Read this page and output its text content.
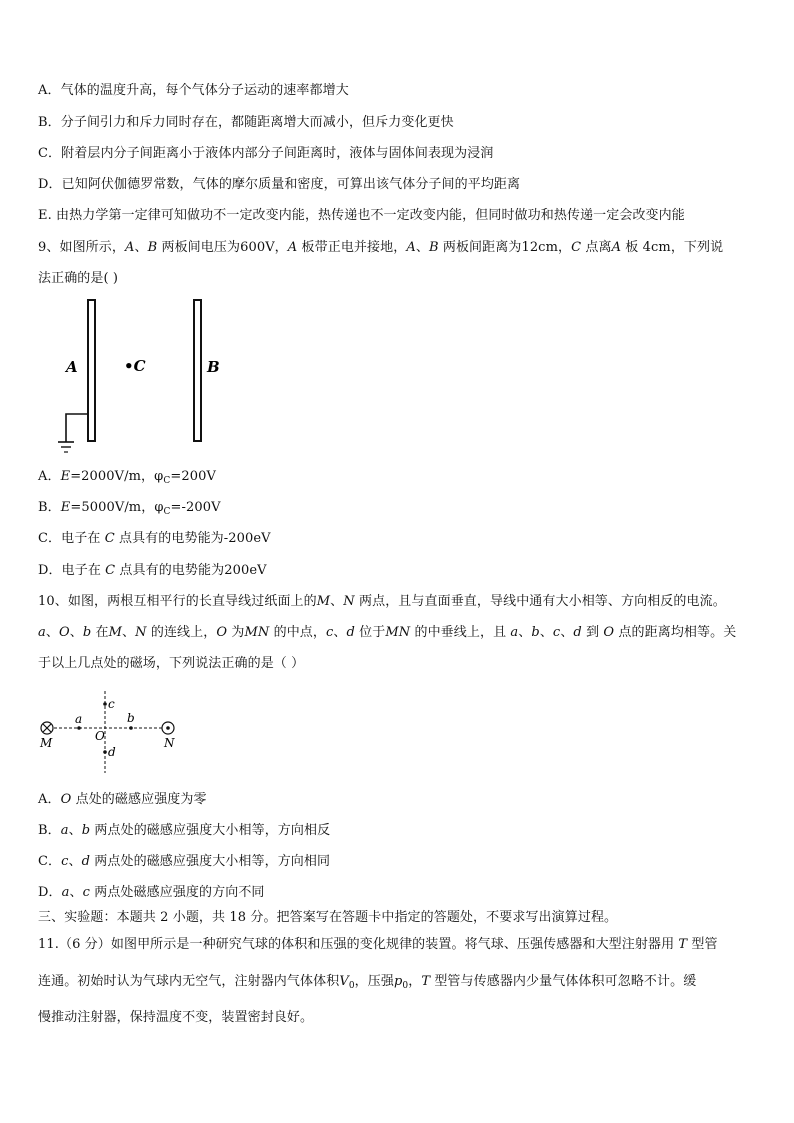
A．气体的温度升高，每个气体分子运动的速率都增大
B．分子间引力和斥力同时存在，都随距离增大而减小，但斥力变化更快
C．附着层内分子间距离小于液体内部分子间距离时，液体与固体间表现为浸润
D．已知阿伏伽德罗常数，气体的摩尔质量和密度，可算出该气体分子间的平均距离
E. 由热力学第一定律可知做功不一定改变内能，热传递也不一定改变内能，但同时做功和热传递一定会改变内能
9、如图所示，A、B 两板间电压为600V，A 板带正电并接地，A、B 两板间距离为12cm，C 点离A 板 4cm，下列说
法正确的是( )
A	•C	B
A．E=2000V/m，$\varphi_C=200V$
B．E=5000V/m，$\varphi_C=-200V$
C．电子在 C 点具有的电势能为-200eV
D．电子在 C 点具有的电势能为200eV
10、如图，两根互相平行的长直导线过纸面上的M、N 两点，且与直面垂直，导线中通有大小相等、方向相反的电流。
a、O、b 在M、N 的连线上，O 为MN 的中点，c、d 位于MN 的中垂线上，且 a、b、c、d 到 O 点的距离均相等。关
于以上几点处的磁场，下列说法正确的是（ ）
M	N
a	b
c
d
O
A．O 点处的磁感应强度为零
B．a、b 两点处的磁感应强度大小相等，方向相反
C．c、d 两点处的磁感应强度大小相等，方向相同
D．a、c 两点处磁感应强度的方向不同
三、实验题：本题共 2 小题，共 18 分。把答案写在答题卡中指定的答题处，不要求写出演算过程。
11.（6 分）如图甲所示是一种研究气球的体积和压强的变化规律的装置。将气球、压强传感器和大型注射器用 T 型管
连通。初始时认为气球内无空气，注射器内气体体积$V_0$，压强$p_0$，T 型管与传感器内少量气体体积可忽略不计。缓
慢推动注射器，保持温度不变，装置密封良好。
